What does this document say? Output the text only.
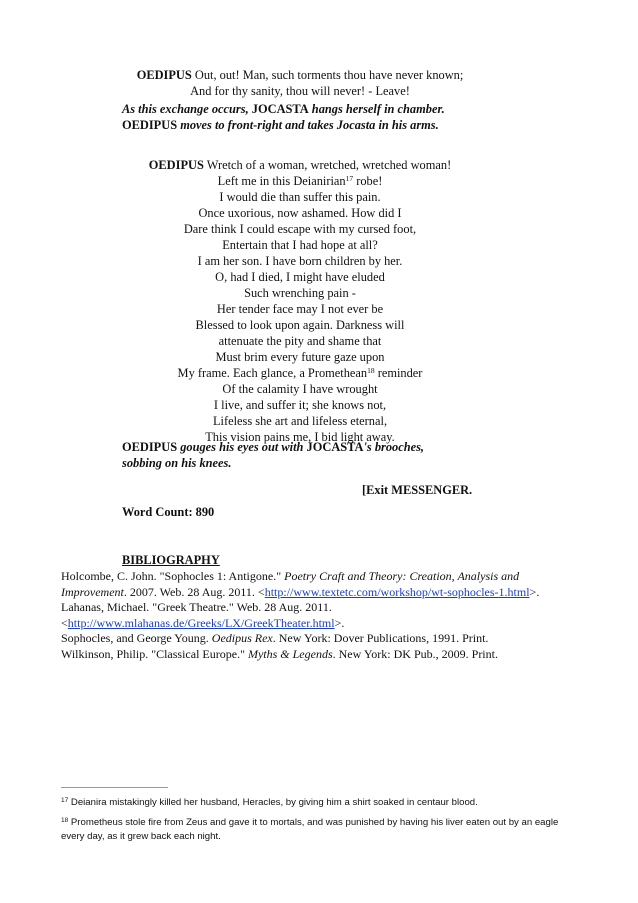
OEDIPUS Out, out! Man, such torments thou have never known;
And for thy sanity, thou will never! - Leave!
As this exchange occurs, JOCASTA hangs herself in chamber.
OEDIPUS moves to front-right and takes Jocasta in his arms.
OEDIPUS Wretch of a woman, wretched, wretched woman!
Left me in this Deianirian$^{17}$ robe!
I would die than suffer this pain.
Once uxorious, now ashamed. How did I
Dare think I could escape with my cursed foot,
Entertain that I had hope at all?
I am her son. I have born children by her.
O, had I died, I might have eluded
Such wrenching pain -
Her tender face may I not ever be
Blessed to look upon again. Darkness will
attenuate the pity and shame that
Must brim every future gaze upon
My frame. Each glance, a Promethean$^{18}$ reminder
Of the calamity I have wrought
I live, and suffer it; she knows not,
Lifeless she art and lifeless eternal,
This vision pains me, I bid light away.
OEDIPUS gouges his eyes out with JOCASTA's brooches,
sobbing on his knees.
[Exit MESSENGER.
Word Count: 890
BIBLIOGRAPHY

Holcombe, C. John. "Sophocles 1: Antigone." Poetry Craft and Theory: Creation, Analysis and Improvement. 2007. Web. 28 Aug. 2011. <http://www.textetc.com/workshop/wt-sophocles-1.html>.

Lahanas, Michael. "Greek Theatre." Web. 28 Aug. 2011. <http://www.mlahanas.de/Greeks/LX/GreekTheater.html>.

Sophocles, and George Young. Oedipus Rex. New York: Dover Publications, 1991. Print.

Wilkinson, Philip. "Classical Europe." Myths & Legends. New York: DK Pub., 2009. Print.

$^{17}$ Deianira mistakingly killed her husband, Heracles, by giving him a shirt soaked in centaur blood.
$^{18}$ Prometheus stole fire from Zeus and gave it to mortals, and was punished by having his liver eaten out by an eagle every day, as it grew back each night.
